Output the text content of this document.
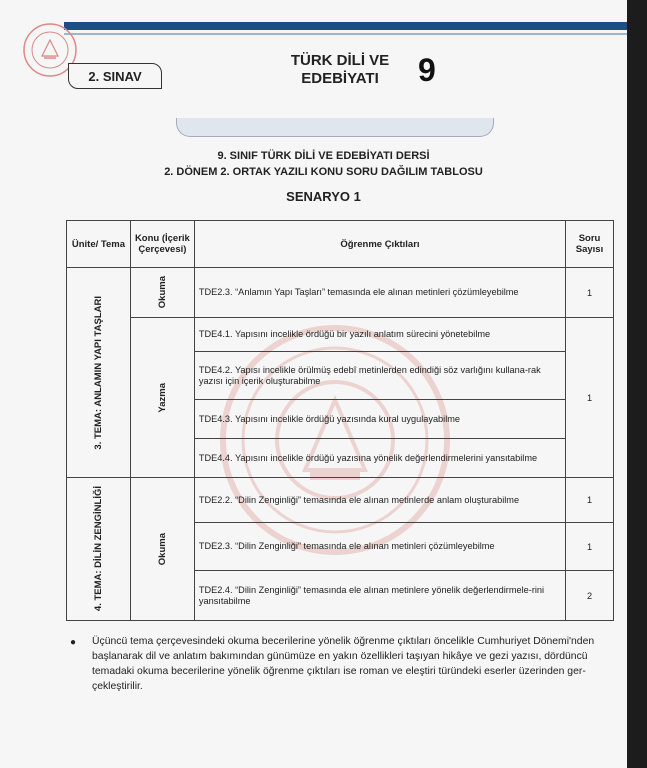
2. SINAV
TÜRK DİLİ VE
EDEBİYATI	9
9. SINIF TÜRK DİLİ VE EDEBİYATI DERSİ
2. DÖNEM 2. ORTAK YAZILI KONU SORU DAĞILIM TABLOSU
SENARYO 1
Ünite/ Tema	Konu (İçerik Çerçevesi)	Öğrenme Çıktıları	Soru Sayısı

3. TEMA: ANLAMIN YAPI TAŞLARI	Okuma	TDE2.3. “Anlamın Yapı Taşları” temasında ele alınan metinleri çözümleyebilme	1

	Yazma	TDE4.1. Yapısını incelikle ördüğü bir yazılı anlatım sürecini yönetebilme	1
		TDE4.2. Yapısı incelikle örülmüş edebî metinlerden edindiği söz varlığını kullana-rak yazısı için içerik oluşturabilme	
		TDE4.3. Yapısını incelikle ördüğü yazısında kural uygulayabilme	
		TDE4.4. Yapısını incelikle ördüğü yazısına yönelik değerlendirmelerini yansıtabilme	

4. TEMA: DİLİN ZENGİNLİĞİ	Okuma	TDE2.2. “Dilin Zenginliği” temasında ele alınan metinlerde anlam oluşturabilme	1
		TDE2.3. “Dilin Zenginliği” temasında ele alınan metinleri çözümleyebilme	1
		TDE2.4. “Dilin Zenginliği” temasında ele alınan metinlere yönelik değerlendirmele-rini yansıtabilme	2
● Üçüncü tema çerçevesindeki okuma becerilerine yönelik öğrenme çıktıları öncelikle Cumhuriyet Dönemi'nden başlanarak dil ve anlatım bakımından günümüze en yakın özellikleri taşıyan hikâye ve gezi yazısı, dördüncü temadaki okuma becerilerine yönelik öğrenme çıktıları ise roman ve eleştiri türündeki eserler üzerinden ger-çekleştirilir.
